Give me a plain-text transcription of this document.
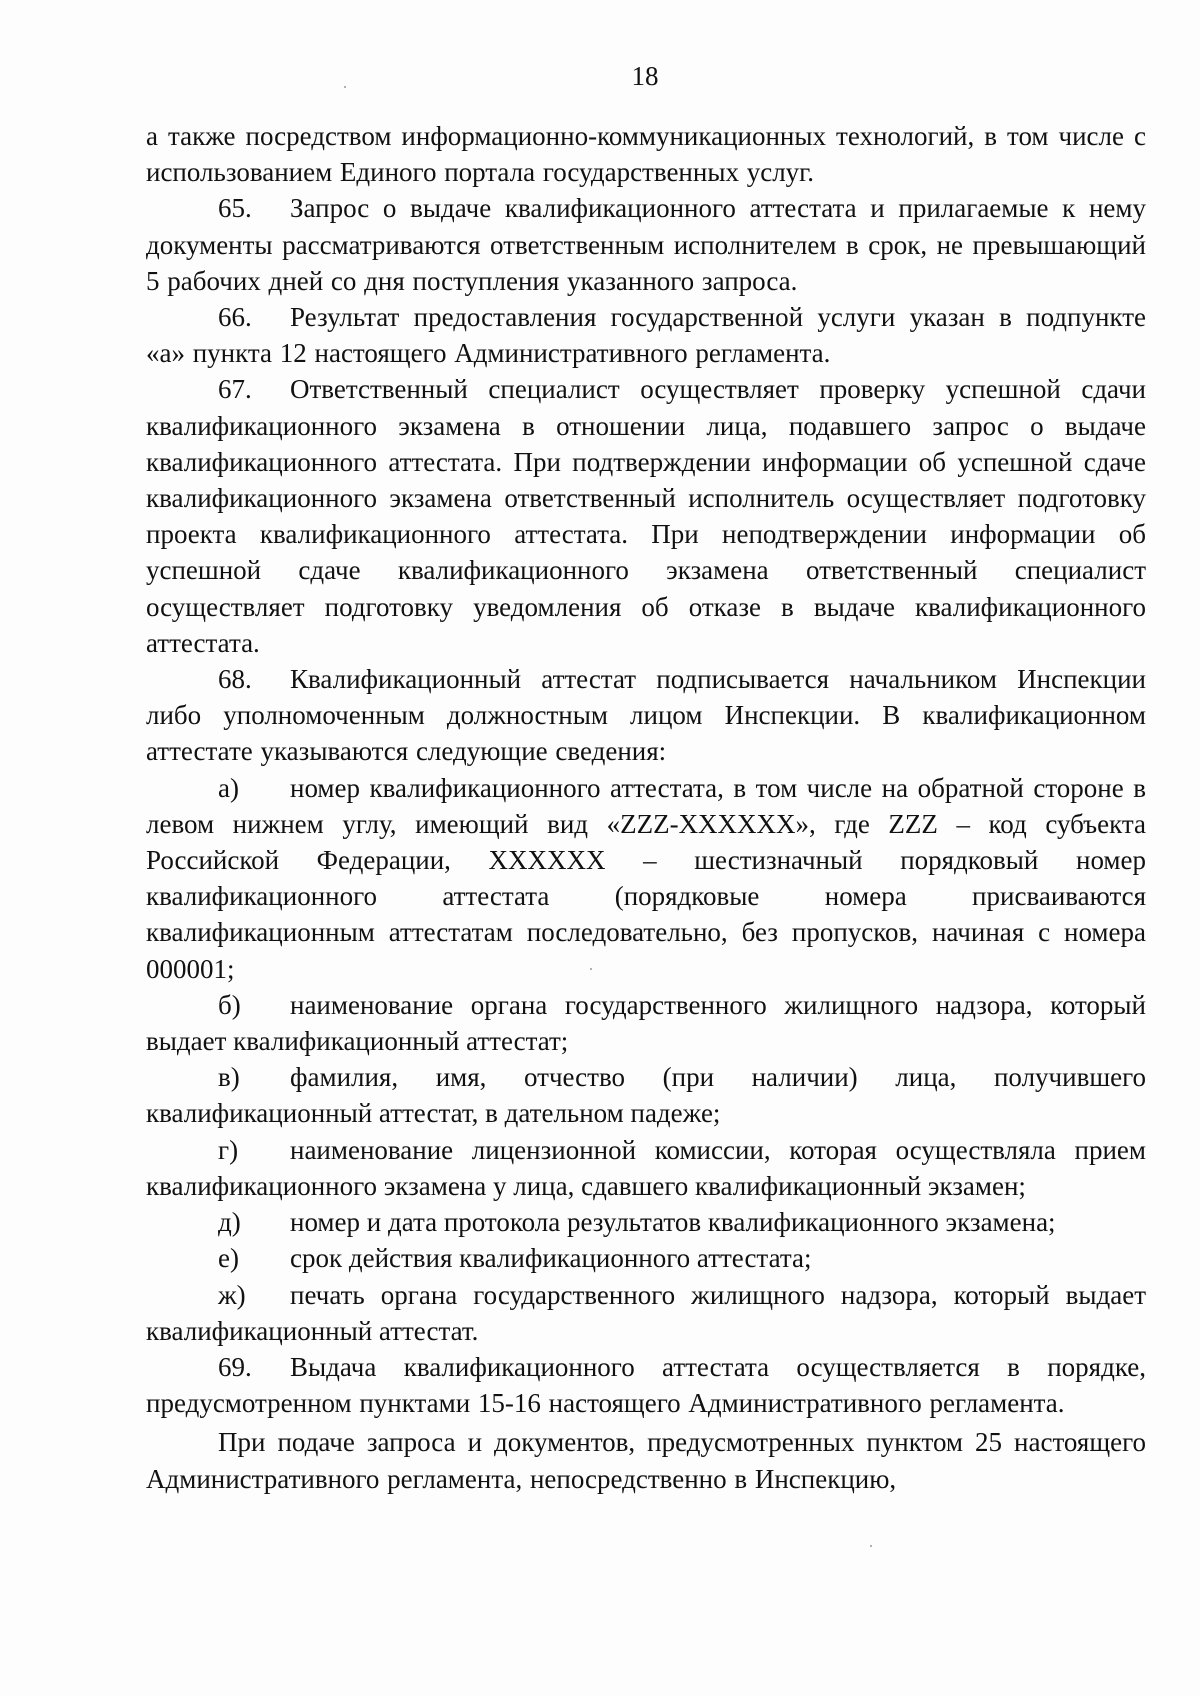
18

а также посредством информационно-коммуникационных технологий, в том числе с использованием Единого портала государственных услуг.

65. Запрос о выдаче квалификационного аттестата и прилагаемые к нему документы рассматриваются ответственным исполнителем в срок, не превышающий 5 рабочих дней со дня поступления указанного запроса.

66. Результат предоставления государственной услуги указан в подпункте «а» пункта 12 настоящего Административного регламента.

67. Ответственный специалист осуществляет проверку успешной сдачи квалификационного экзамена в отношении лица, подавшего запрос о выдаче квалификационного аттестата. При подтверждении информации об успешной сдаче квалификационного экзамена ответственный исполнитель осуществляет подготовку проекта квалификационного аттестата. При неподтверждении информации об успешной сдаче квалификационного экзамена ответственный специалист осуществляет подготовку уведомления об отказе в выдаче квалификационного аттестата.

68. Квалификационный аттестат подписывается начальником Инспекции либо уполномоченным должностным лицом Инспекции. В квалификационном аттестате указываются следующие сведения:

а) номер квалификационного аттестата, в том числе на обратной стороне в левом нижнем углу, имеющий вид «ZZZ-XXXXXX», где ZZZ – код субъекта Российской Федерации, XXXXXX – шестизначный порядковый номер квалификационного аттестата (порядковые номера присваиваются квалификационным аттестатам последовательно, без пропусков, начиная с номера 000001;

б) наименование органа государственного жилищного надзора, который выдает квалификационный аттестат;

в) фамилия, имя, отчество (при наличии) лица, получившего квалификационный аттестат, в дательном падеже;

г) наименование лицензионной комиссии, которая осуществляла прием квалификационного экзамена у лица, сдавшего квалификационный экзамен;

д) номер и дата протокола результатов квалификационного экзамена;

е) срок действия квалификационного аттестата;

ж) печать органа государственного жилищного надзора, который выдает квалификационный аттестат.

69. Выдача квалификационного аттестата осуществляется в порядке, предусмотренном пунктами 15-16 настоящего Административного регламента.

При подаче запроса и документов, предусмотренных пунктом 25 настоящего Административного регламента, непосредственно в Инспекцию,
